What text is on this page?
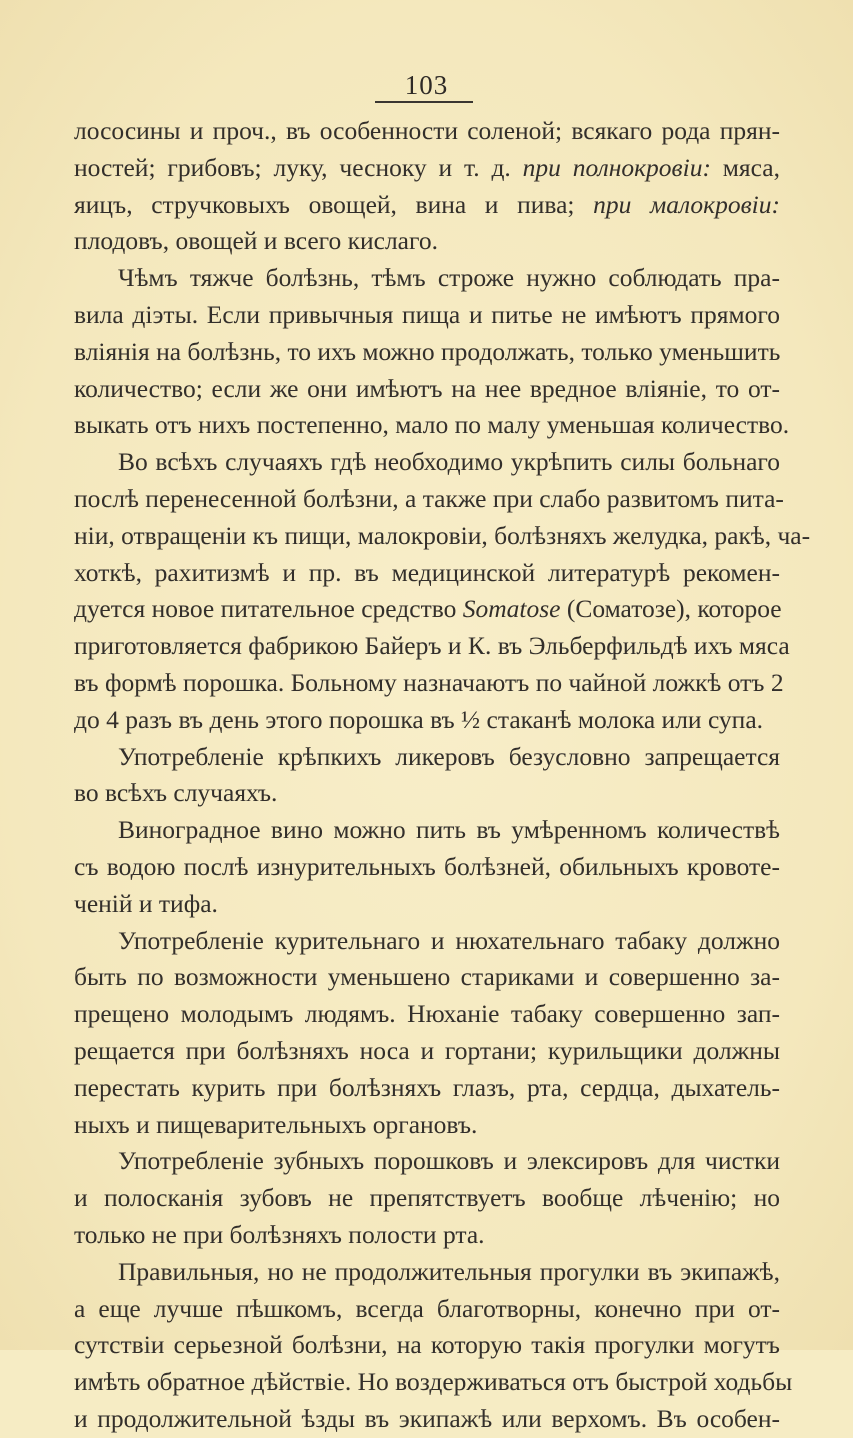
103
лососины и проч., въ особенности соленой; всякаго рода прян-
ностей; грибовъ; луку, чесноку и т. д. при полнокровіи: мяса,
яицъ, стручковыхъ овощей, вина и пива; при малокровіи:
плодовъ, овощей и всего кислаго.
Чѣмъ тяжче болѣзнь, тѣмъ строже нужно соблюдать пра-
вила діэты. Если привычныя пища и питье не имѣютъ прямого
вліянія на болѣзнь, то ихъ можно продолжать, только уменьшить
количество; если же они имѣютъ на нее вредное вліяніе, то от-
выкать отъ нихъ постепенно, мало по малу уменьшая количество.
Во всѣхъ случаяхъ гдѣ необходимо укрѣпить силы больнаго
послѣ перенесенной болѣзни, а также при слабо развитомъ пита-
ніи, отвращеніи къ пищи, малокровіи, болѣзняхъ желудка, ракѣ, ча-
хоткѣ, рахитизмѣ и пр. въ медицинской литературѣ рекомен-
дуется новое питательное средство Somatose (Соматозе), которое
приготовляется фабрикою Байеръ и К. въ Эльберфильдѣ ихъ мяса
въ формѣ порошка. Больному назначаютъ по чайной ложкѣ отъ 2
до 4 разъ въ день этого порошка въ ½ стаканѣ молока или супа.
Употребленіе крѣпкихъ ликеровъ безусловно запрещается
во всѣхъ случаяхъ.
Виноградное вино можно пить въ умѣренномъ количествѣ
съ водою послѣ изнурительныхъ болѣзней, обильныхъ кровоте-
ченій и тифа.
Употребленіе курительнаго и нюхательнаго табаку должно
быть по возможности уменьшено стариками и совершенно за-
прещено молодымъ людямъ. Нюханіе табаку совершенно зап-
рещается при болѣзняхъ носа и гортани; курильщики должны
перестать курить при болѣзняхъ глазъ, рта, сердца, дыхатель-
ныхъ и пищеварительныхъ органовъ.
Употребленіе зубныхъ порошковъ и элексировъ для чистки
и полосканія зубовъ не препятствуетъ вообще лѣченію; но
только не при болѣзняхъ полости рта.
Правильныя, но не продолжительныя прогулки въ экипажѣ,
а еще лучше пѣшкомъ, всегда благотворны, конечно при от-
сутствіи серьезной болѣзни, на которую такія прогулки могутъ
имѣть обратное дѣйствіе. Но воздерживаться отъ быстрой ходьбы
и продолжительной ѣзды въ экипажѣ или верхомъ. Въ особен-
